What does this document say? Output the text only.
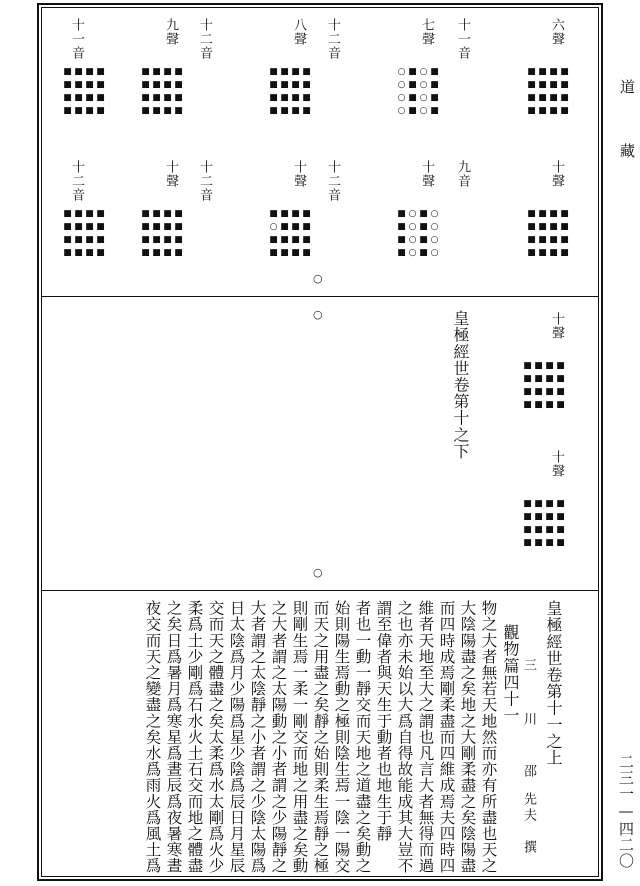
道
藏
二三一—四二〇
六聲
十一音
七聲
十二音
八聲
十二音
九聲
十一音
■ ■ ■ ■
■ ■ ■ ■
■ ■ ■ ■
■ ■ ■ ■
○ ■ ○ ■
○ ■ ○ ■
○ ■ ○ ■
○ ■ ○ ■
■ ■ ■ ■
■ ■ ■ ■
■ ■ ■ ■
■ ■ ■ ■
■ ■ ■ ■
■ ■ ■ ■
■ ■ ■ ■
■ ■ ■ ■
■ ■ ■ ■
■ ■ ■ ■
■ ■ ■ ■
■ ■ ■ ■
十聲
九音
十聲
十二音
十聲
十二音
十聲
十二音
■ ■ ■ ■
■ ■ ■ ■
■ ■ ■ ■
■ ■ ■ ■
■ ○ ■ ○
■ ○ ■ ○
■ ○ ■ ○
■ ○ ■ ○
■ ■ ■ ■
○ ■ ■ ■
■ ■ ■ ■
■ ■ ■ ■
■ ■ ■ ■
■ ■ ■ ■
■ ■ ■ ■
■ ■ ■ ■
■ ■ ■ ■
■ ■ ■ ■
■ ■ ■ ■
■ ■ ■ ■
○
十聲
十聲
皇極經世卷第十之下	■ ■ ■ ■
■ ■ ■ ■
■ ■ ■ ■
■ ■ ■ ■
■ ■ ■ ■
■ ■ ■ ■
■ ■ ■ ■
■ ■ ■ ■
○
○
皇極經世卷第十一之上
三
川
邵
先夫
撰
觀物篇四十一
物之大者無若天地然而亦有所盡也天之
大陰陽盡之矣地之大剛柔盡之矣陰陽盡
而四時成焉剛柔盡而四維成焉夫四時四
維者天地至大之謂也凡言大者無得而過
之也亦未始以大爲自得故能成其大豈不
謂至偉者與天生于動者也地生于靜
者也一動一靜交而天地之道盡之矣動之
始則陽生焉動之極則陰生焉一陰一陽交
而天之用盡之矣靜之始則柔生焉靜之極
則剛生焉一柔一剛交而地之用盡之矣動
之大者謂之太陽動之小者謂之少陽靜之
大者謂之太陰靜之小者謂之少陰太陽爲
日太陰爲月少陽爲星少陰爲辰日月星辰
交而天之體盡之矣太柔爲水太剛爲火少
柔爲土少剛爲石水火土石交而地之體盡
之矣日爲暑月爲寒星爲晝辰爲夜暑寒晝
夜交而天之變盡之矣水爲雨火爲風土爲
